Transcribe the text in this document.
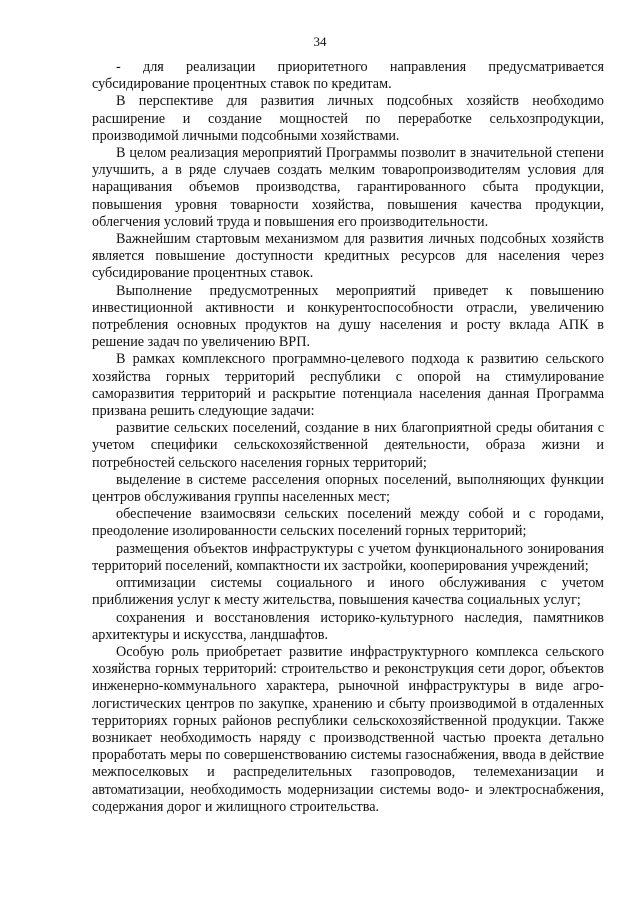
34

- для реализации приоритетного направления предусматривается субсидирование процентных ставок по кредитам.

В перспективе для развития личных подсобных хозяйств необходимо расширение и создание мощностей по переработке сельхозпродукции, производимой личными подсобными хозяйствами.

В целом реализация мероприятий Программы позволит в значительной степени улучшить, а в ряде случаев создать мелким товаропроизводителям условия для наращивания объемов производства, гарантированного сбыта продукции, повышения уровня товарности хозяйства, повышения качества продукции, облегчения условий труда и повышения его производительности.

Важнейшим стартовым механизмом для развития личных подсобных хозяйств является повышение доступности кредитных ресурсов для населения через субсидирование процентных ставок.

Выполнение предусмотренных мероприятий приведет к повышению инвестиционной активности и конкурентоспособности отрасли, увеличению потребления основных продуктов на душу населения и росту вклада АПК в решение задач по увеличению ВРП.

В рамках комплексного программно-целевого подхода к развитию сельского хозяйства горных территорий республики с опорой на стимулирование саморазвития территорий и раскрытие потенциала населения данная Программа призвана решить следующие задачи:

развитие сельских поселений, создание в них благоприятной среды обитания с учетом специфики сельскохозяйственной деятельности, образа жизни и потребностей сельского населения горных территорий;

выделение в системе расселения опорных поселений, выполняющих функции центров обслуживания группы населенных мест;

обеспечение взаимосвязи сельских поселений между собой и с городами, преодоление изолированности сельских поселений горных территорий;

размещения объектов инфраструктуры с учетом функционального зонирования территорий поселений, компактности их застройки, кооперирования учреждений;

оптимизации системы социального и иного обслуживания с учетом приближения услуг к месту жительства, повышения качества социальных услуг;

сохранения и восстановления историко-культурного наследия, памятников архитектуры и искусства, ландшафтов.

Особую роль приобретает развитие инфраструктурного комплекса сельского хозяйства горных территорий: строительство и реконструкция сети дорог, объектов инженерно-коммунального характера, рыночной инфраструктуры в виде агро-логистических центров по закупке, хранению и сбыту производимой в отдаленных территориях горных районов республики сельскохозяйственной продукции. Также возникает необходимость наряду с производственной частью проекта детально проработать меры по совершенствованию системы газоснабжения, ввода в действие межпоселковых и распределительных газопроводов, телемеханизации и автоматизации, необходимость модернизации системы водо- и электроснабжения, содержания дорог и жилищного строительства.
